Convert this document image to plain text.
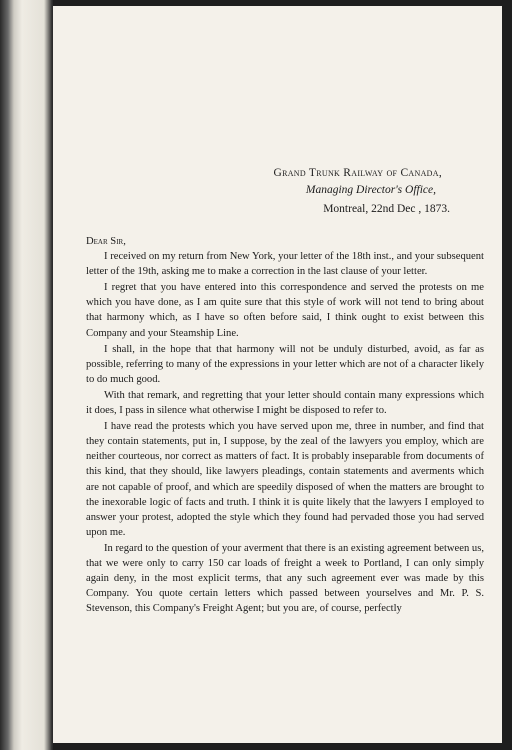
Grand Trunk Railway of Canada,
Managing Director's Office,
Montreal, 22nd Dec , 1873.

Dear Sir,

I received on my return from New York, your letter of the 18th inst., and your subsequent letter of the 19th, asking me to make a correction in the last clause of your letter.

I regret that you have entered into this correspondence and served the protests on me which you have done, as I am quite sure that this style of work will not tend to bring about that harmony which, as I have so often before said, I think ought to exist between this Company and your Steamship Line.

I shall, in the hope that that harmony will not be unduly disturbed, avoid, as far as possible, referring to many of the expressions in your letter which are not of a character likely to do much good.

With that remark, and regretting that your letter should contain many expressions which it does, I pass in silence what otherwise I might be disposed to refer to.

I have read the protests which you have served upon me, three in number, and find that they contain statements, put in, I suppose, by the zeal of the lawyers you employ, which are neither courteous, nor correct as matters of fact. It is probably inseparable from documents of this kind, that they should, like lawyers pleadings, contain statements and averments which are not capable of proof, and which are speedily disposed of when the matters are brought to the inexorable logic of facts and truth. I think it is quite likely that the lawyers I employed to answer your protest, adopted the style which they found had pervaded those you had served upon me.

In regard to the question of your averment that there is an existing agreement between us, that we were only to carry 150 car loads of freight a week to Portland, I can only simply again deny, in the most explicit terms, that any such agreement ever was made by this Company. You quote certain letters which passed between yourselves and Mr. P. S. Stevenson, this Company's Freight Agent; but you are, of course, perfectly
